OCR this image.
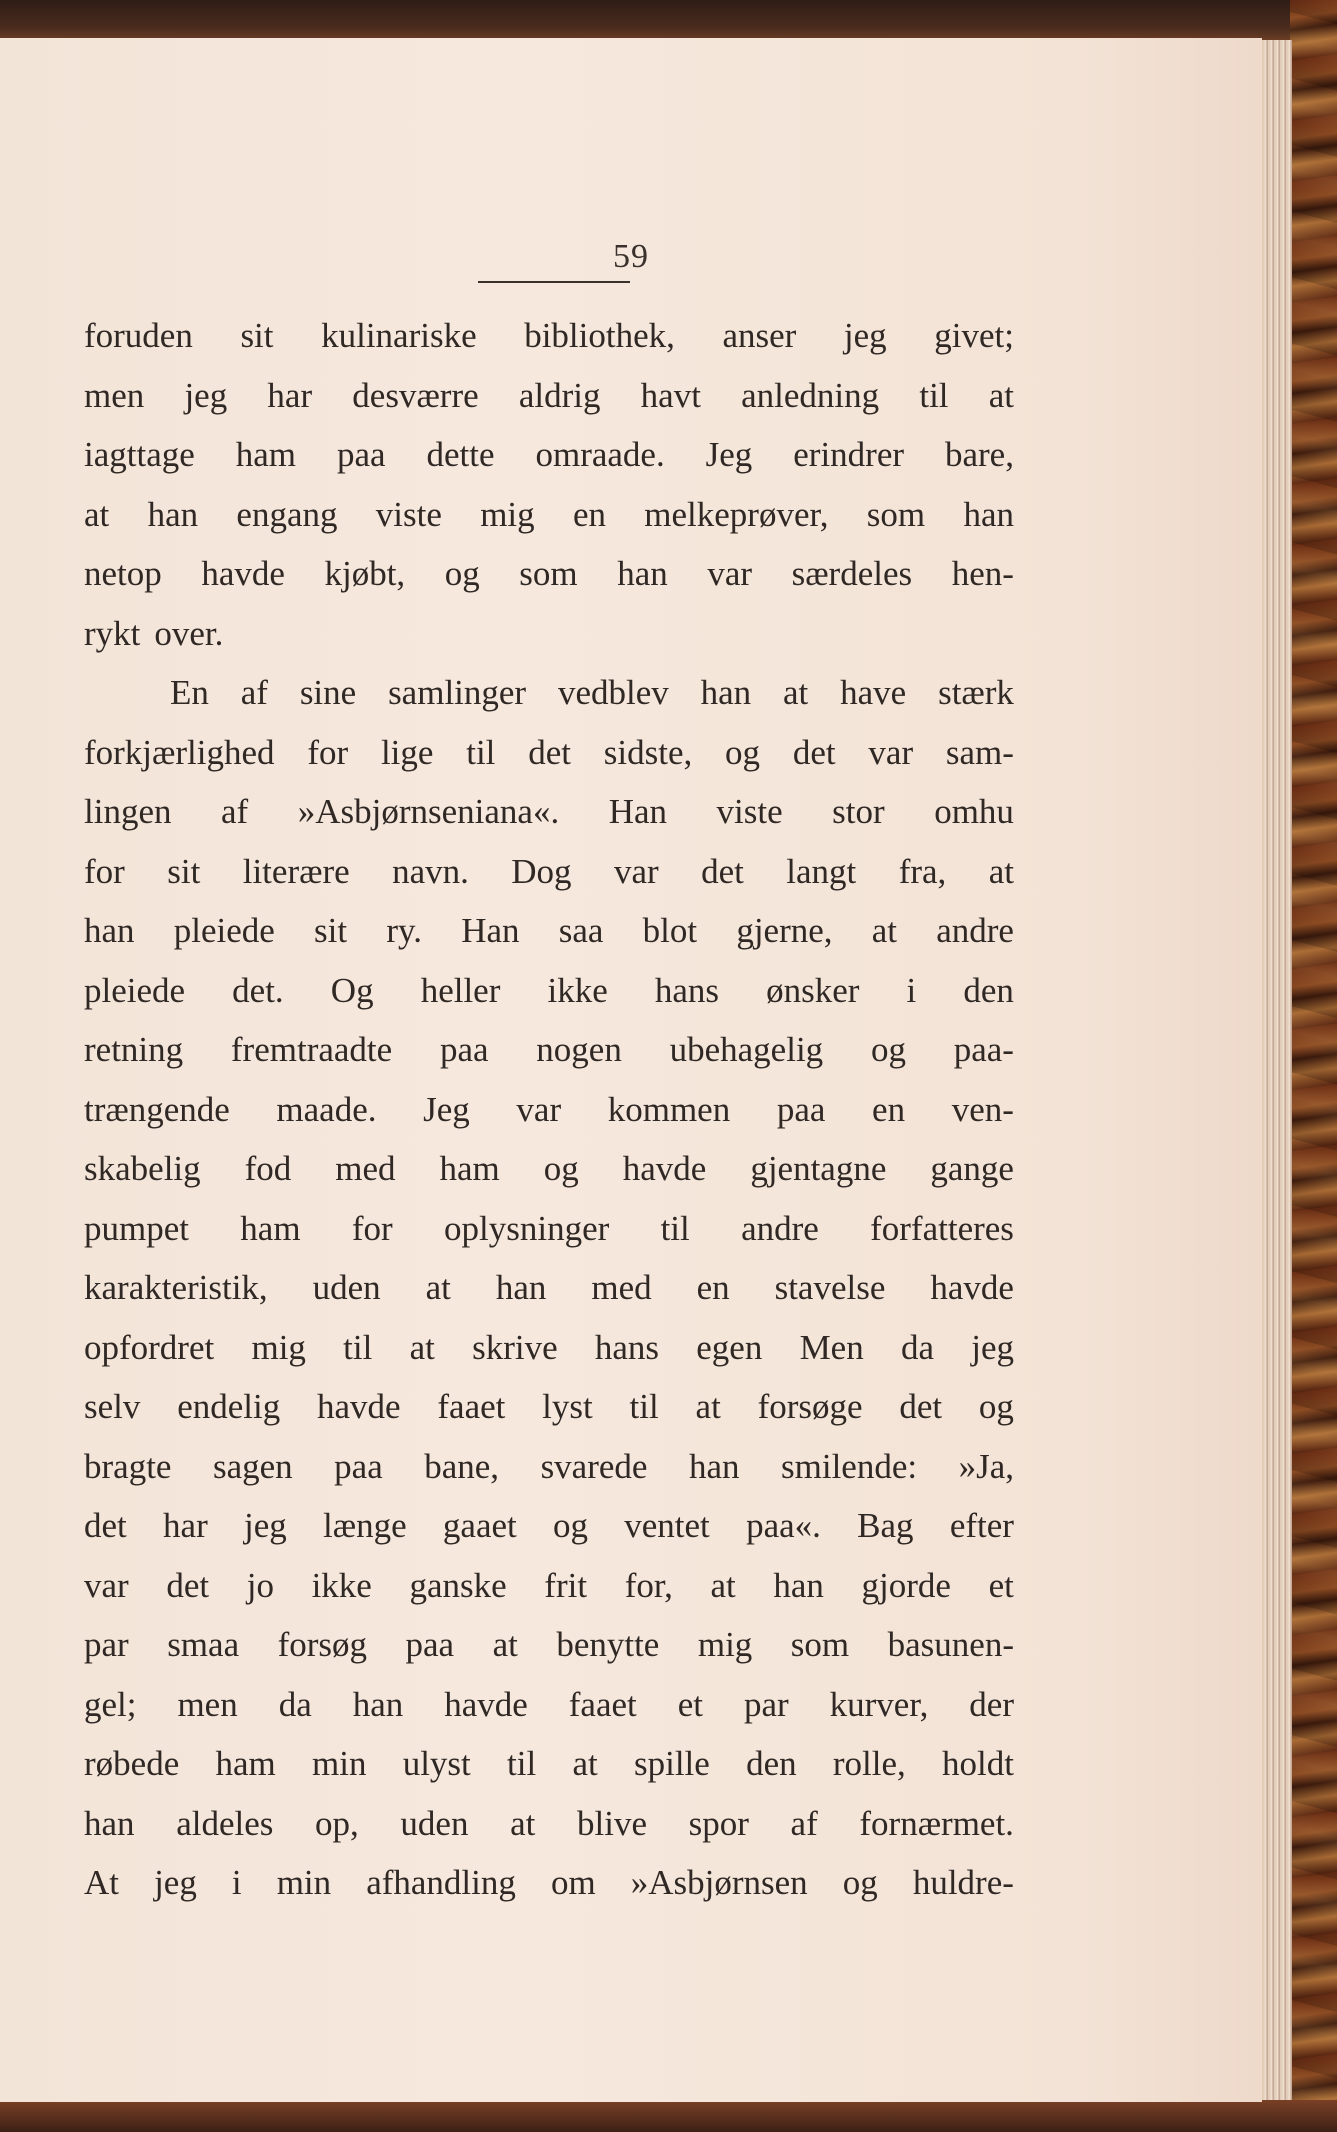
59
foruden sit kulinariske bibliothek, anser jeg givet;
men jeg har desværre aldrig havt anledning til at
iagttage ham paa dette omraade. Jeg erindrer bare,
at han engang viste mig en melkeprøver, som han
netop havde kjøbt, og som han var særdeles hen-
rykt over.
En af sine samlinger vedblev han at have stærk
forkjærlighed for lige til det sidste, og det var sam-
lingen af »Asbjørnseniana«. Han viste stor omhu
for sit literære navn. Dog var det langt fra, at
han pleiede sit ry. Han saa blot gjerne, at andre
pleiede det. Og heller ikke hans ønsker i den
retning fremtraadte paa nogen ubehagelig og paa-
trængende maade. Jeg var kommen paa en ven-
skabelig fod med ham og havde gjentagne gange
pumpet ham for oplysninger til andre forfatteres
karakteristik, uden at han med en stavelse havde
opfordret mig til at skrive hans egen Men da jeg
selv endelig havde faaet lyst til at forsøge det og
bragte sagen paa bane, svarede han smilende: »Ja,
det har jeg længe gaaet og ventet paa«. Bag efter
var det jo ikke ganske frit for, at han gjorde et
par smaa forsøg paa at benytte mig som basunen-
gel; men da han havde faaet et par kurver, der
røbede ham min ulyst til at spille den rolle, holdt
han aldeles op, uden at blive spor af fornærmet.
At jeg i min afhandling om »Asbjørnsen og huldre-
